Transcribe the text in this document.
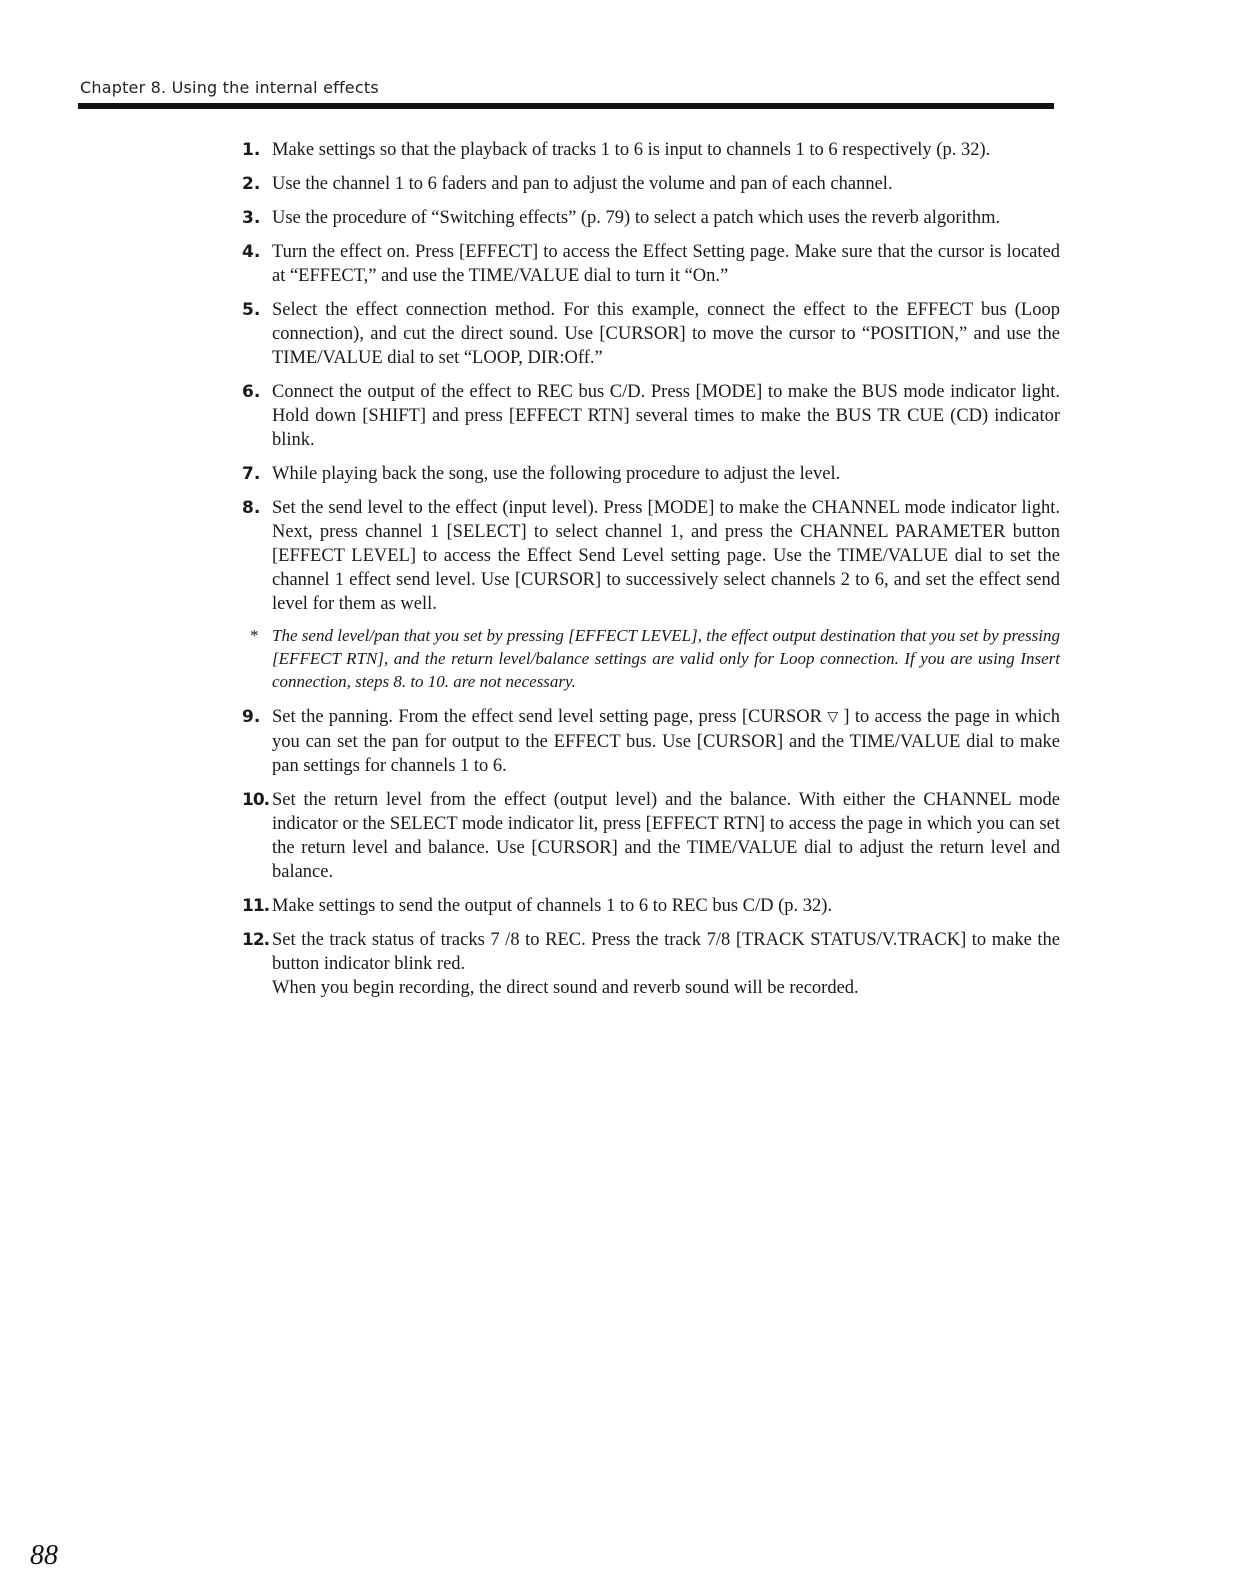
Chapter 8. Using the internal effects
1. Make settings so that the playback of tracks 1 to 6 is input to channels 1 to 6 respectively (p. 32).
2. Use the channel 1 to 6 faders and pan to adjust the volume and pan of each channel.
3. Use the procedure of “Switching effects” (p. 79) to select a patch which uses the reverb algorithm.
4. Turn the effect on. Press [EFFECT] to access the Effect Setting page. Make sure that the cursor is located at “EFFECT,” and use the TIME/VALUE dial to turn it “On.”
5. Select the effect connection method. For this example, connect the effect to the EFFECT bus (Loop connection), and cut the direct sound. Use [CURSOR] to move the cursor to “POSITION,” and use the TIME/VALUE dial to set “LOOP, DIR:Off.”
6. Connect the output of the effect to REC bus C/D. Press [MODE] to make the BUS mode indicator light. Hold down [SHIFT] and press [EFFECT RTN] several times to make the BUS TR CUE (CD) indicator blink.
7. While playing back the song, use the following procedure to adjust the level.
8. Set the send level to the effect (input level). Press [MODE] to make the CHANNEL mode indicator light. Next, press channel 1 [SELECT] to select channel 1, and press the CHANNEL PARAMETER button [EFFECT LEVEL] to access the Effect Send Level setting page. Use the TIME/VALUE dial to set the channel 1 effect send level. Use [CURSOR] to successively select channels 2 to 6, and set the effect send level for them as well.
* The send level/pan that you set by pressing [EFFECT LEVEL], the effect output destination that you set by pressing [EFFECT RTN], and the return level/balance settings are valid only for Loop connection. If you are using Insert connection, steps 8. to 10. are not necessary.
9. Set the panning. From the effect send level setting page, press [CURSOR ▽ ] to access the page in which you can set the pan for output to the EFFECT bus. Use [CURSOR] and the TIME/VALUE dial to make pan settings for channels 1 to 6.
10. Set the return level from the effect (output level) and the balance. With either the CHANNEL mode indicator or the SELECT mode indicator lit, press [EFFECT RTN] to access the page in which you can set the return level and balance. Use [CURSOR] and the TIME/VALUE dial to adjust the return level and balance.
11. Make settings to send the output of channels 1 to 6 to REC bus C/D (p. 32).
12. Set the track status of tracks 7 /8 to REC. Press the track 7/8 [TRACK STATUS/V.TRACK] to make the button indicator blink red.
When you begin recording, the direct sound and reverb sound will be recorded.
88
